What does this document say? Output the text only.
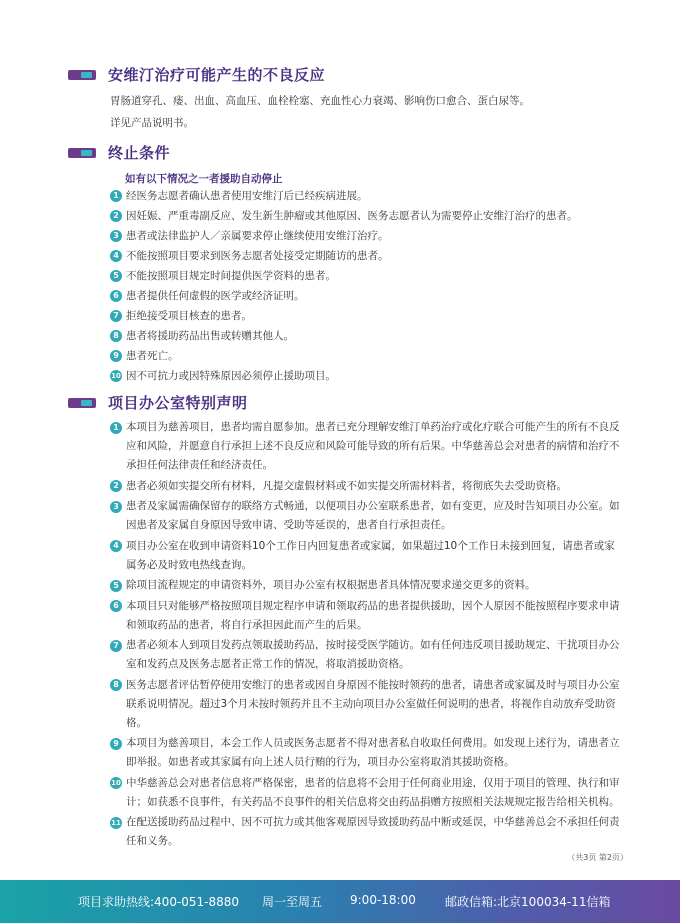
安维汀治疗可能产生的不良反应
胃肠道穿孔、瘘、出血、高血压、血栓栓塞、充血性心力衰竭、影响伤口愈合、蛋白尿等。
详见产品说明书。
终止条件
如有以下情况之一者援助自动停止
1 经医务志愿者确认患者使用安维汀后已经疾病进展。
2 因妊娠、严重毒副反应、发生新生肿瘤或其他原因、医务志愿者认为需要停止安维汀治疗的患者。
3 患者或法律监护人／亲属要求停止继续使用安维汀治疗。
4 不能按照项目要求到医务志愿者处接受定期随访的患者。
5 不能按照项目规定时间提供医学资料的患者。
6 患者提供任何虚假的医学或经济证明。
7 拒绝接受项目核查的患者。
8 患者将援助药品出售或转赠其他人。
9 患者死亡。
10 因不可抗力或因特殊原因必须停止援助项目。
项目办公室特别声明
1 本项目为慈善项目，患者均需自愿参加。患者已充分理解安维汀单药治疗或化疗联合可能产生的所有不良反应和风险，并愿意自行承担上述不良反应和风险可能导致的所有后果。中华慈善总会对患者的病情和治疗不承担任何法律责任和经济责任。
2 患者必须如实提交所有材料，凡提交虚假材料或不如实提交所需材料者，将彻底失去受助资格。
3 患者及家属需确保留存的联络方式畅通，以便项目办公室联系患者，如有变更，应及时告知项目办公室。如因患者及家属自身原因导致申请、受助等延误的，患者自行承担责任。
4 项目办公室在收到申请资料10个工作日内回复患者或家属，如果超过10个工作日未接到回复，请患者或家属务必及时致电热线查询。
5 除项目流程规定的申请资料外，项目办公室有权根据患者具体情况要求递交更多的资料。
6 本项目只对能够严格按照项目规定程序申请和领取药品的患者提供援助，因个人原因不能按照程序要求申请和领取药品的患者，将自行承担因此而产生的后果。
7 患者必须本人到项目发药点领取援助药品，按时接受医学随访。如有任何违反项目援助规定、干扰项目办公室和发药点及医务志愿者正常工作的情况，将取消援助资格。
8 医务志愿者评估暂停使用安维汀的患者或因自身原因不能按时领药的患者，请患者或家属及时与项目办公室联系说明情况。超过3个月未按时领药并且不主动向项目办公室做任何说明的患者，将视作自动放弃受助资格。
9 本项目为慈善项目，本会工作人员或医务志愿者不得对患者私自收取任何费用。如发现上述行为，请患者立即举报。如患者或其家属有向上述人员行贿的行为，项目办公室将取消其援助资格。
10 中华慈善总会对患者信息将严格保密，患者的信息将不会用于任何商业用途，仅用于项目的管理、执行和审计；如获悉不良事件，有关药品不良事件的相关信息将交由药品捐赠方按照相关法规规定报告给相关机构。
11 在配送援助药品过程中、因不可抗力或其他客观原因导致援助药品中断或延误，中华慈善总会不承担任何责任和义务。
（共3页 第2页）
项目求助热线:400-051-8880 周一至周五 9:00-18:00 邮政信箱:北京100034-11信箱
